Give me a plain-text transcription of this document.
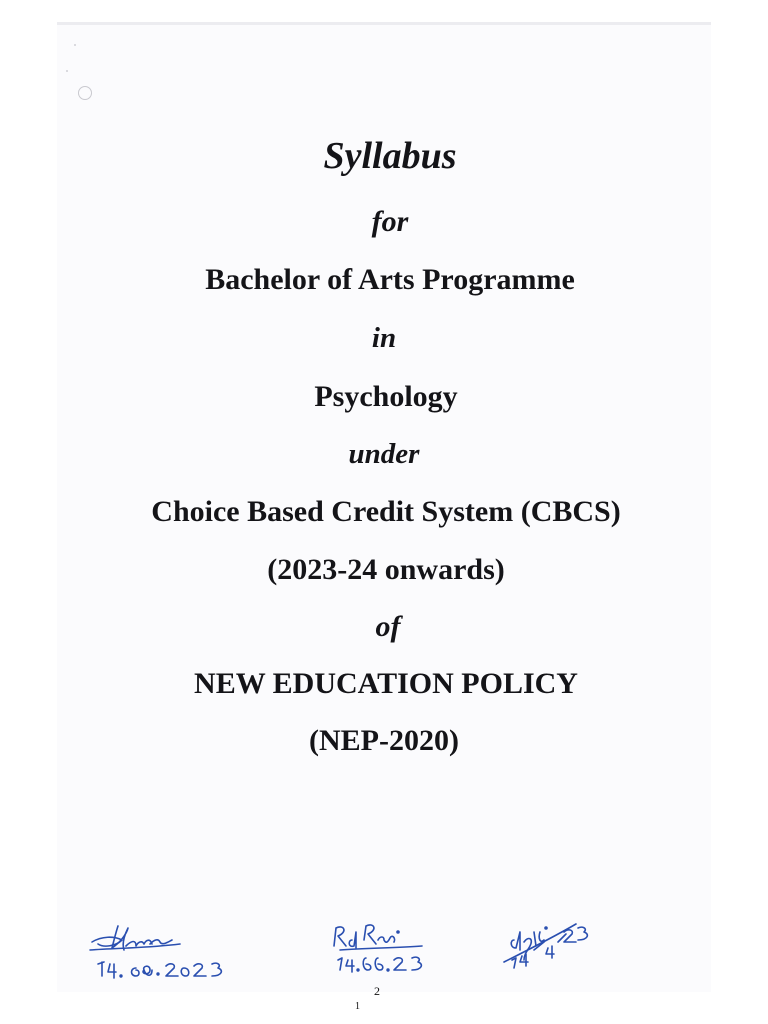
Syllabus

for

Bachelor of Arts Programme

in

Psychology

under

Choice Based Credit System (CBCS)

(2023-24 onwards)

of

NEW EDUCATION POLICY

(NEP-2020)

2

1
